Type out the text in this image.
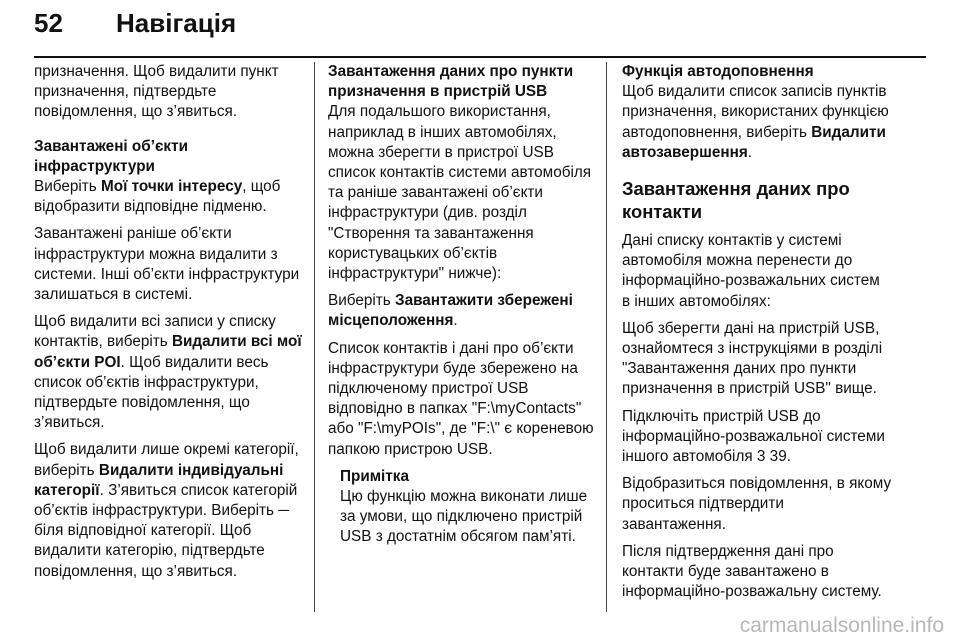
52 Навігація

призначення. Щоб видалити пункт призначення, підтвердьте повідомлення, що з’явиться.

Завантажені об’єкти інфраструктури

Виберіть Мої точки інтересу, щоб відобразити відповідне підменю.

Завантажені раніше об’єкти інфраструктури можна видалити з системи. Інші об’єкти інфраструктури залишаться в системі.

Щоб видалити всі записи у списку контактів, виберіть Видалити всі мої об’єкти POI. Щоб видалити весь список об’єктів інфраструктури, підтвердьте повідомлення, що з’явиться.

Щоб видалити лише окремі категорії, виберіть Видалити індивідуальні категорії. З’явиться список категорій об’єктів інфраструктури. Виберіть ─ біля відповідної категорії. Щоб видалити категорію, підтвердьте повідомлення, що з’явиться.

Завантаження даних про пункти призначення в пристрій USB

Для подальшого використання, наприклад в інших автомобілях, можна зберегти в пристрої USB список контактів системи автомобіля та раніше завантажені об’єкти інфраструктури (див. розділ "Створення та завантаження користувацьких об’єктів інфраструктури" нижче):

Виберіть Завантажити збережені місцеположення.

Список контактів і дані про об’єкти інфраструктури буде збережено на підключеному пристрої USB відповідно в папках "F:\myContacts" або "F:\myPOIs", де "F:\" є кореневою папкою пристрою USB.

Примітка

Цю функцію можна виконати лише за умови, що підключено пристрій USB з достатнім обсягом пам’яті.

Функція автодоповнення

Щоб видалити список записів пунктів призначення, використаних функцією автодоповнення, виберіть Видалити автозавершення.

Завантаження даних про контакти

Дані списку контактів у системі автомобіля можна перенести до інформаційно-розважальних систем в інших автомобілях:

Щоб зберегти дані на пристрій USB, ознайомтеся з інструкціями в розділі "Завантаження даних про пункти призначення в пристрій USB" вище.

Підключіть пристрій USB до інформаційно-розважальної системи іншого автомобіля 3 39.

Відобразиться повідомлення, в якому проситься підтвердити завантаження.

Після підтвердження дані про контакти буде завантажено в інформаційно-розважальну систему.

carmanualsonline.info
